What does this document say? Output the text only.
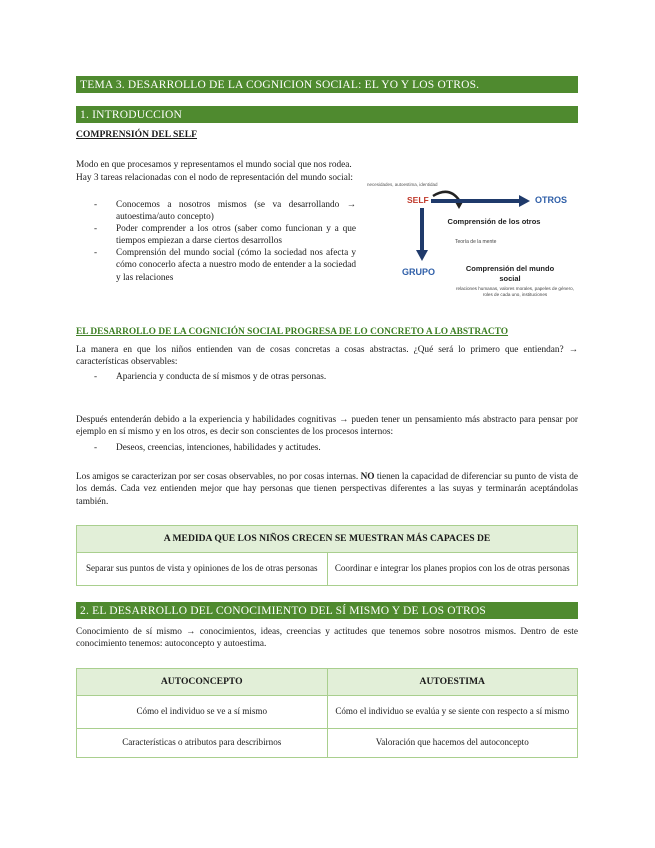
TEMA 3. DESARROLLO DE LA COGNICION SOCIAL: EL YO Y LOS OTROS.
1. INTRODUCCION
COMPRENSIÓN DEL SELF
Modo en que procesamos y representamos el mundo social que nos rodea.
Hay 3 tareas relacionadas con el nodo de representación del mundo social:
- Conocemos a nosotros mismos (se va desarrollando → autoestima/auto concepto)
- Poder comprender a los otros (saber como funcionan y a que tiempos empiezan a darse ciertos desarrollos
- Comprensión del mundo social (cómo la sociedad nos afecta y cómo conocerlo afecta a nuestro modo de entender a la sociedad y las relaciones
necesidades, autoestima, identidad
SELF	OTROS
Comprensión de los otros
Teoría de la mente
GRUPO	Comprensión del mundo social
relaciones humanas, valores morales, papeles de género, roles de cada uno, instituciones
EL DESARROLLO DE LA COGNICIÓN SOCIAL PROGRESA DE LO CONCRETO A LO ABSTRACTO
La manera en que los niños entienden van de cosas concretas a cosas abstractas. ¿Qué será lo primero que entiendan? → características observables:
- Apariencia y conducta de sí mismos y de otras personas.
Después entenderán debido a la experiencia y habilidades cognitivas → pueden tener un pensamiento más abstracto para pensar por ejemplo en sí mismo y en los otros, es decir son conscientes de los procesos internos:
- Deseos, creencias, intenciones, habilidades y actitudes.
Los amigos se caracterizan por ser cosas observables, no por cosas internas. NO tienen la capacidad de diferenciar su punto de vista de los demás. Cada vez entienden mejor que hay personas que tienen perspectivas diferentes a las suyas y terminarán aceptándolas también.
A MEDIDA QUE LOS NIÑOS CRECEN SE MUESTRAN MÁS CAPACES DE
Separar sus puntos de vista y opiniones de los de otras personas	Coordinar e integrar los planes propios con los de otras personas
2. EL DESARROLLO DEL CONOCIMIENTO DEL SÍ MISMO Y DE LOS OTROS
Conocimiento de sí mismo → conocimientos, ideas, creencias y actitudes que tenemos sobre nosotros mismos. Dentro de este conocimiento tenemos: autoconcepto y autoestima.
AUTOCONCEPTO	AUTOESTIMA
Cómo el individuo se ve a sí mismo	Cómo el individuo se evalúa y se siente con respecto a sí mismo
Características o atributos para describirnos	Valoración que hacemos del autoconcepto
